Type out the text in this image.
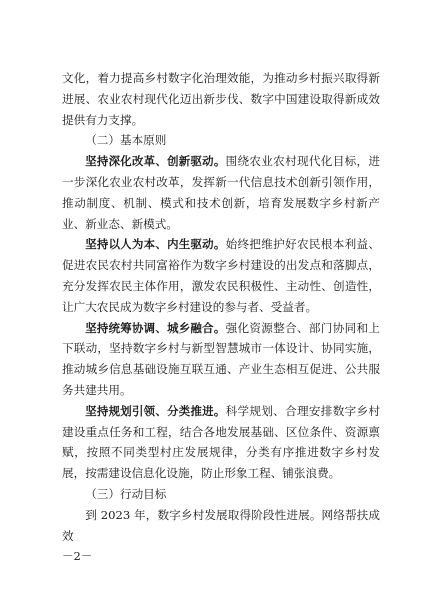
文化，着力提高乡村数字化治理效能，为推动乡村振兴取得新进展、农业农村现代化迈出新步伐、数字中国建设取得新成效提供有力支撑。

（二）基本原则

坚持深化改革、创新驱动。围绕农业农村现代化目标，进一步深化农业农村改革，发挥新一代信息技术创新引领作用，推动制度、机制、模式和技术创新，培育发展数字乡村新产业、新业态、新模式。

坚持以人为本、内生驱动。始终把维护好农民根本利益、促进农民农村共同富裕作为数字乡村建设的出发点和落脚点，充分发挥农民主体作用，激发农民积极性、主动性、创造性，让广大农民成为数字乡村建设的参与者、受益者。

坚持统筹协调、城乡融合。强化资源整合、部门协同和上下联动，坚持数字乡村与新型智慧城市一体设计、协同实施，推动城乡信息基础设施互联互通、产业生态相互促进、公共服务共建共用。

坚持规划引领、分类推进。科学规划、合理安排数字乡村建设重点任务和工程，结合各地发展基础、区位条件、资源禀赋，按照不同类型村庄发展规律，分类有序推进数字乡村发展，按需建设信息化设施，防止形象工程、铺张浪费。

（三）行动目标

到 2023 年，数字乡村发展取得阶段性进展。网络帮扶成效

－2－
